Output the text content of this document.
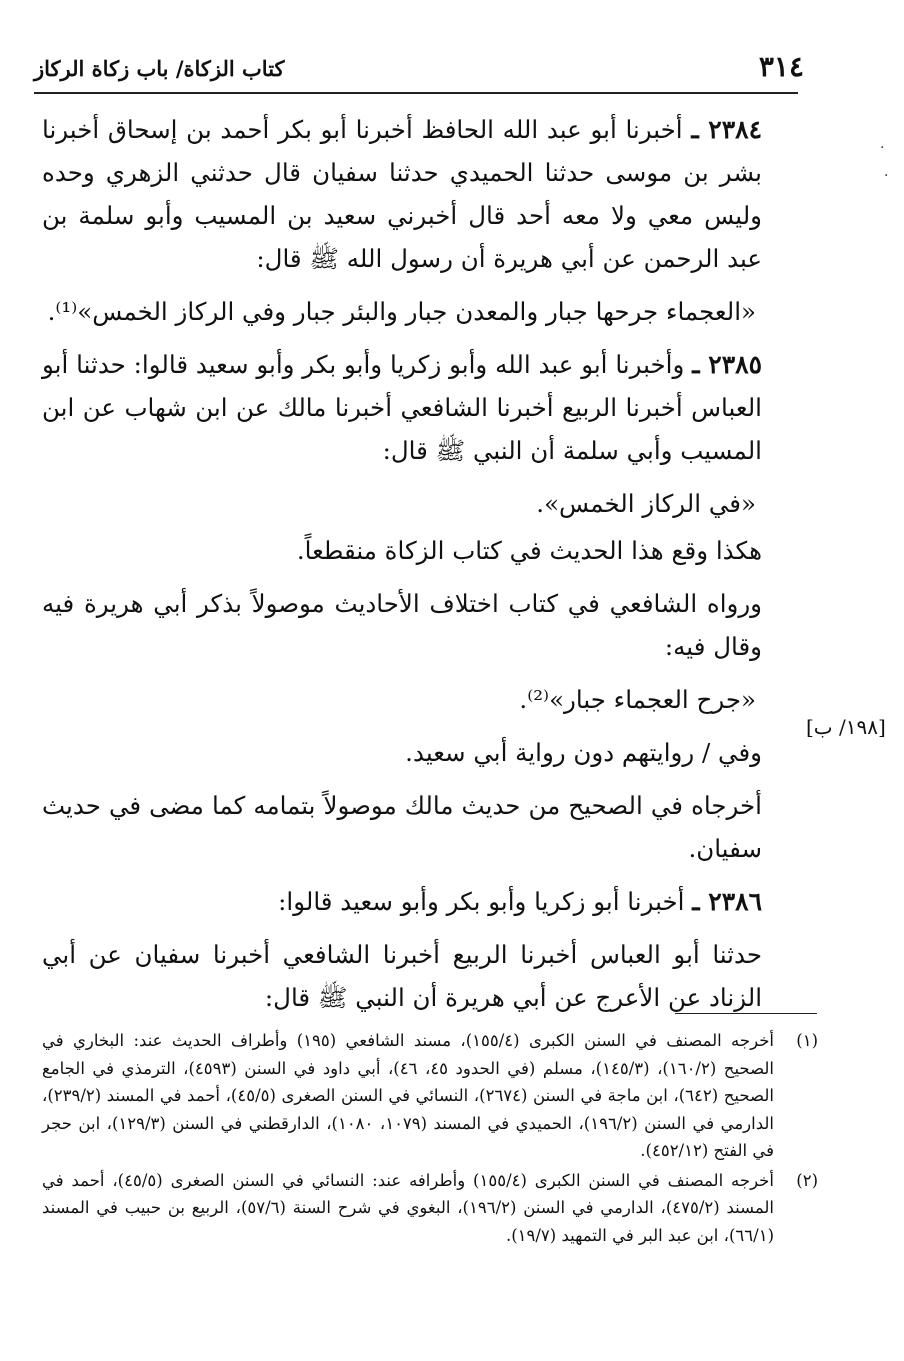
٣١٤
كتاب الزكاة/ باب زكاة الركاز
·
·
[١٩٨/ ب]

٢٣٨٤ ـ أخبرنا أبو عبد الله الحافظ أخبرنا أبو بكر أحمد بن إسحاق أخبرنا بشر بن موسى حدثنا الحميدي حدثنا سفيان قال حدثني الزهري وحده وليس معي ولا معه أحد قال أخبرني سعيد بن المسيب وأبو سلمة بن عبد الرحمن عن أبي هريرة أن رسول الله ﷺ قال:

«العجماء جرحها جبار والمعدن جبار والبئر جبار وفي الركاز الخمس»⁽¹⁾.

٢٣٨٥ ـ وأخبرنا أبو عبد الله وأبو زكريا وأبو بكر وأبو سعيد قالوا: حدثنا أبو العباس أخبرنا الربيع أخبرنا الشافعي أخبرنا مالك عن ابن شهاب عن ابن المسيب وأبي سلمة أن النبي ﷺ قال:

«في الركاز الخمس».

هكذا وقع هذا الحديث في كتاب الزكاة منقطعاً.

ورواه الشافعي في كتاب اختلاف الأحاديث موصولاً بذكر أبي هريرة فيه وقال فيه:

«جرح العجماء جبار»⁽²⁾.

وفي / روايتهم دون رواية أبي سعيد.

أخرجاه في الصحيح من حديث مالك موصولاً بتمامه كما مضى في حديث سفيان.

٢٣٨٦ ـ أخبرنا أبو زكريا وأبو بكر وأبو سعيد قالوا:

حدثنا أبو العباس أخبرنا الربيع أخبرنا الشافعي أخبرنا سفيان عن أبي الزناد عن الأعرج عن أبي هريرة أن النبي ﷺ قال:

(١)
أخرجه المصنف في السنن الكبرى (١٥٥/٤)، مسند الشافعي (١٩٥) وأطراف الحديث عند: البخاري في الصحيح (١٦٠/٢)، (١٤٥/٣)، مسلم (في الحدود ٤٥، ٤٦)، أبي داود في السنن (٤٥٩٣)، الترمذي في الجامع الصحيح (٦٤٢)، ابن ماجة في السنن (٢٦٧٤)، النسائي في السنن الصغرى (٤٥/٥)، أحمد في المسند (٢٣٩/٢)، الدارمي في السنن (١٩٦/٢)، الحميدي في المسند (١٠٧٩، ١٠٨٠)، الدارقطني في السنن (١٢٩/٣)، ابن حجر في الفتح (٤٥٢/١٢).
(٢)
أخرجه المصنف في السنن الكبرى (١٥٥/٤) وأطرافه عند: النسائي في السنن الصغرى (٤٥/٥)، أحمد في المسند (٤٧٥/٢)، الدارمي في السنن (١٩٦/٢)، البغوي في شرح السنة (٥٧/٦)، الربيع بن حبيب في المسند (٦٦/١)، ابن عبد البر في التمهيد (١٩/٧).
